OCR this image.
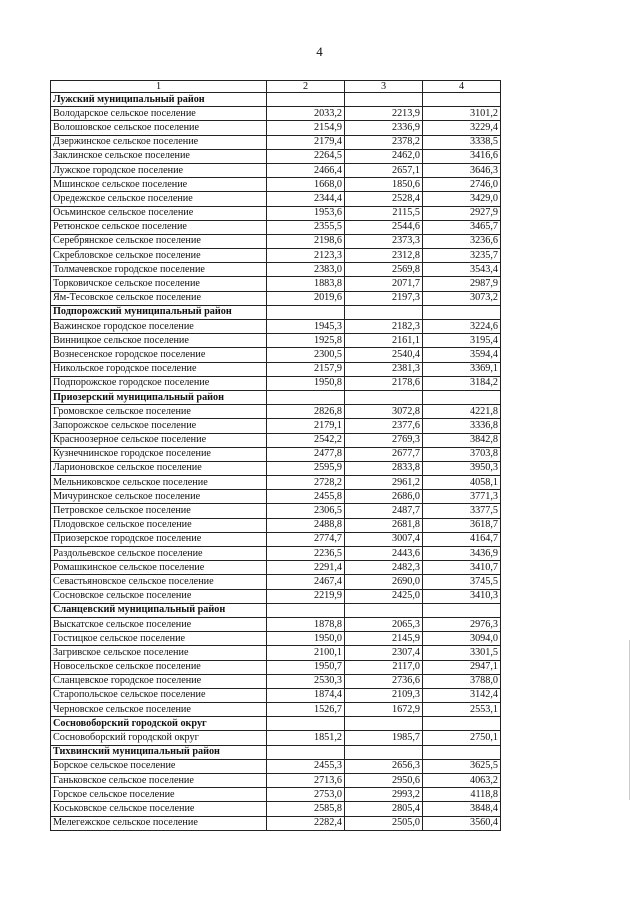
4
1	2	3	4
Лужский муниципальный район			
Володарское сельское поселение	2033,2	2213,9	3101,2
Волошовское сельское поселение	2154,9	2336,9	3229,4
Дзержинское сельское поселение	2179,4	2378,2	3338,5
Заклинское сельское поселение	2264,5	2462,0	3416,6
Лужское городское поселение	2466,4	2657,1	3646,3
Мшинское сельское поселение	1668,0	1850,6	2746,0
Оредежское сельское поселение	2344,4	2528,4	3429,0
Осьминское сельское поселение	1953,6	2115,5	2927,9
Ретюнское сельское поселение	2355,5	2544,6	3465,7
Серебрянское сельское поселение	2198,6	2373,3	3236,6
Скребловское сельское поселение	2123,3	2312,8	3235,7
Толмачевское городское поселение	2383,0	2569,8	3543,4
Торковичское сельское поселение	1883,8	2071,7	2987,9
Ям-Тесовское сельское поселение	2019,6	2197,3	3073,2
Подпорожский муниципальный район			
Важинское городское поселение	1945,3	2182,3	3224,6
Винницкое сельское поселение	1925,8	2161,1	3195,4
Вознесенское городское поселение	2300,5	2540,4	3594,4
Никольское городское поселение	2157,9	2381,3	3369,1
Подпорожское городское поселение	1950,8	2178,6	3184,2
Приозерский муниципальный район			
Громовское сельское поселение	2826,8	3072,8	4221,8
Запорожское сельское поселение	2179,1	2377,6	3336,8
Красноозерное сельское поселение	2542,2	2769,3	3842,8
Кузнечнинское городское поселение	2477,8	2677,7	3703,8
Ларионовское сельское поселение	2595,9	2833,8	3950,3
Мельниковское сельское поселение	2728,2	2961,2	4058,1
Мичуринское сельское поселение	2455,8	2686,0	3771,3
Петровское сельское поселение	2306,5	2487,7	3377,5
Плодовское сельское поселение	2488,8	2681,8	3618,7
Приозерское городское поселение	2774,7	3007,4	4164,7
Раздольевское сельское поселение	2236,5	2443,6	3436,9
Ромашкинское сельское поселение	2291,4	2482,3	3410,7
Севастьяновское сельское поселение	2467,4	2690,0	3745,5
Сосновское сельское поселение	2219,9	2425,0	3410,3
Сланцевский муниципальный район			
Выскатское сельское поселение	1878,8	2065,3	2976,3
Гостицкое сельское поселение	1950,0	2145,9	3094,0
Загривское сельское поселение	2100,1	2307,4	3301,5
Новосельское сельское поселение	1950,7	2117,0	2947,1
Сланцевское городское поселение	2530,3	2736,6	3788,0
Старопольское сельское поселение	1874,4	2109,3	3142,4
Черновское сельское поселение	1526,7	1672,9	2553,1
Сосновоборский городской округ			
Сосновоборский городской округ	1851,2	1985,7	2750,1
Тихвинский муниципальный район			
Борское сельское поселение	2455,3	2656,3	3625,5
Ганьковское сельское поселение	2713,6	2950,6	4063,2
Горское сельское поселение	2753,0	2993,2	4118,8
Коськовское сельское поселение	2585,8	2805,4	3848,4
Мелегежское сельское поселение	2282,4	2505,0	3560,4
